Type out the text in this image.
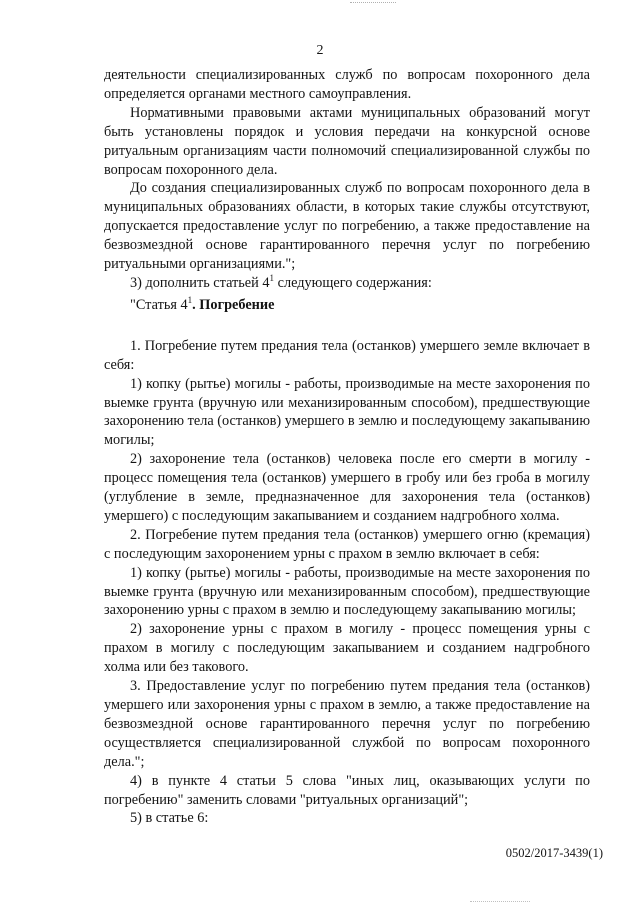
2

деятельности специализированных служб по вопросам похоронного дела определяется органами местного самоуправления.

Нормативными правовыми актами муниципальных образований могут быть установлены порядок и условия передачи на конкурсной основе ритуальным организациям части полномочий специализированной службы по вопросам похоронного дела.

До создания специализированных служб по вопросам похоронного дела в муниципальных образованиях области, в которых такие службы отсутствуют, допускается предоставление услуг по погребению, а также предоставление на безвозмездной основе гарантированного перечня услуг по погребению ритуальными организациями.";

3) дополнить статьей $4^1$ следующего содержания:

"Статья $4^1$. Погребение

1. Погребение путем предания тела (останков) умершего земле включает в себя:

1) копку (рытье) могилы - работы, производимые на месте захоронения по выемке грунта (вручную или механизированным способом), предшествующие захоронению тела (останков) умершего в землю и последующему закапыванию могилы;

2) захоронение тела (останков) человека после его смерти в могилу - процесс помещения тела (останков) умершего в гробу или без гроба в могилу (углубление в земле, предназначенное для захоронения тела (останков) умершего) с последующим закапыванием и созданием надгробного холма.

2. Погребение путем предания тела (останков) умершего огню (кремация) с последующим захоронением урны с прахом в землю включает в себя:

1) копку (рытье) могилы - работы, производимые на месте захоронения по выемке грунта (вручную или механизированным способом), предшествующие захоронению урны с прахом в землю и последующему закапыванию могилы;

2) захоронение урны с прахом в могилу - процесс помещения урны с прахом в могилу с последующим закапыванием и созданием надгробного холма или без такового.

3. Предоставление услуг по погребению путем предания тела (останков) умершего или захоронения урны с прахом в землю, а также предоставление на безвозмездной основе гарантированного перечня услуг по погребению осуществляется специализированной службой по вопросам похоронного дела.";

4) в пункте 4 статьи 5 слова "иных лиц, оказывающих услуги по погребению" заменить словами "ритуальных организаций";

5) в статье 6:

0502/2017-3439(1)
